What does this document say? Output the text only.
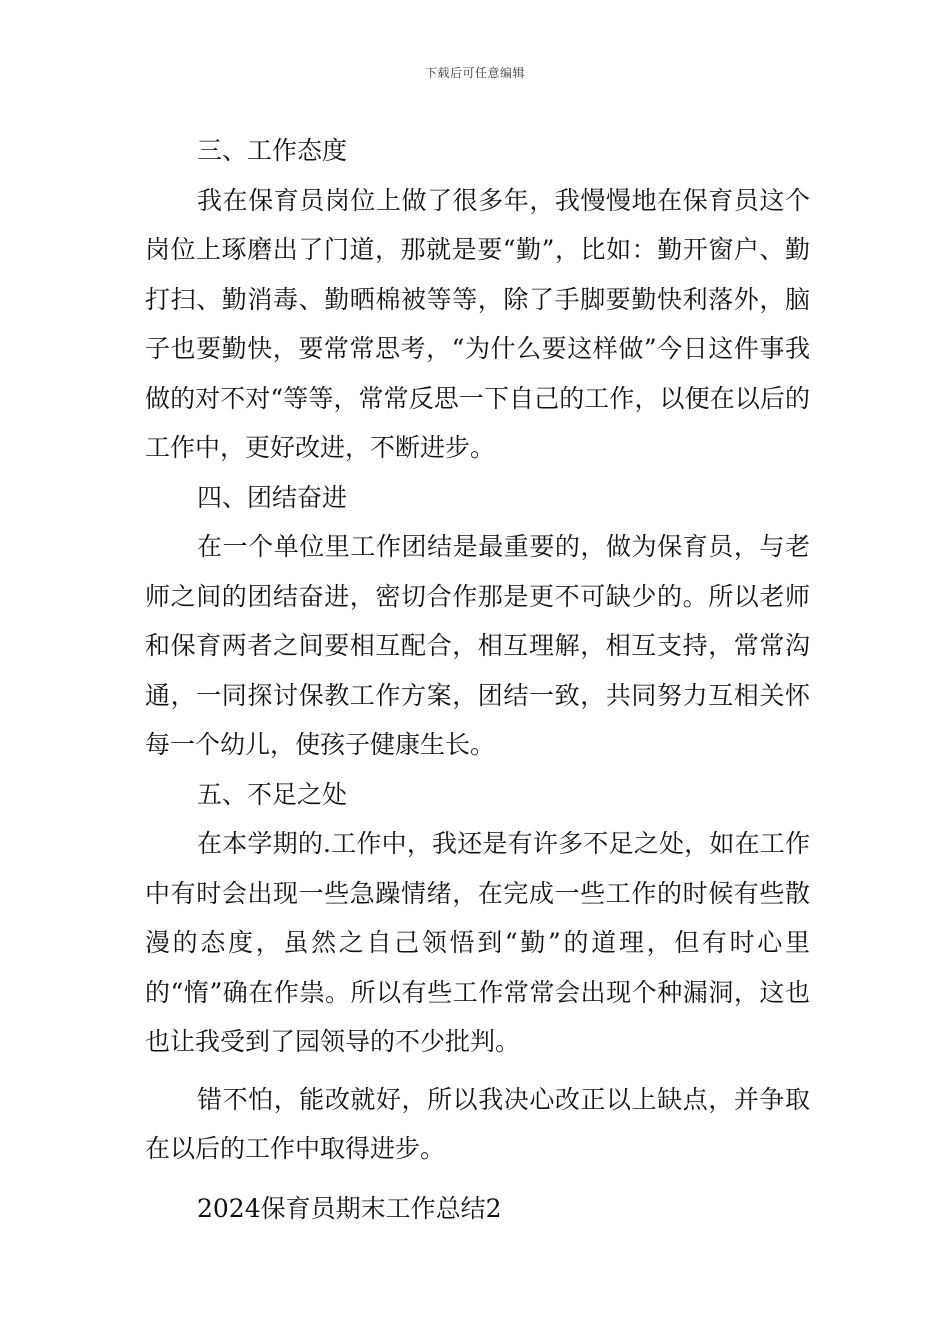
下载后可任意编辑

三、工作态度

我在保育员岗位上做了很多年，我慢慢地在保育员这个岗位上琢磨出了门道，那就是要“勤”，比如：勤开窗户、勤打扫、勤消毒、勤晒棉被等等，除了手脚要勤快利落外，脑子也要勤快，要常常思考，“为什么要这样做”今日这件事我做的对不对“等等，常常反思一下自己的工作，以便在以后的工作中，更好改进，不断进步。

四、团结奋进

在一个单位里工作团结是最重要的，做为保育员，与老师之间的团结奋进，密切合作那是更不可缺少的。所以老师和保育两者之间要相互配合，相互理解，相互支持，常常沟通，一同探讨保教工作方案，团结一致，共同努力互相关怀每一个幼儿，使孩子健康生长。

五、不足之处

在本学期的.工作中，我还是有许多不足之处，如在工作中有时会出现一些急躁情绪，在完成一些工作的时候有些散漫的态度，虽然之自己领悟到“勤”的道理，但有时心里的“惰”确在作祟。所以有些工作常常会出现个种漏洞，这也也让我受到了园领导的不少批判。

错不怕，能改就好，所以我决心改正以上缺点，并争取在以后的工作中取得进步。

2024保育员期末工作总结2
